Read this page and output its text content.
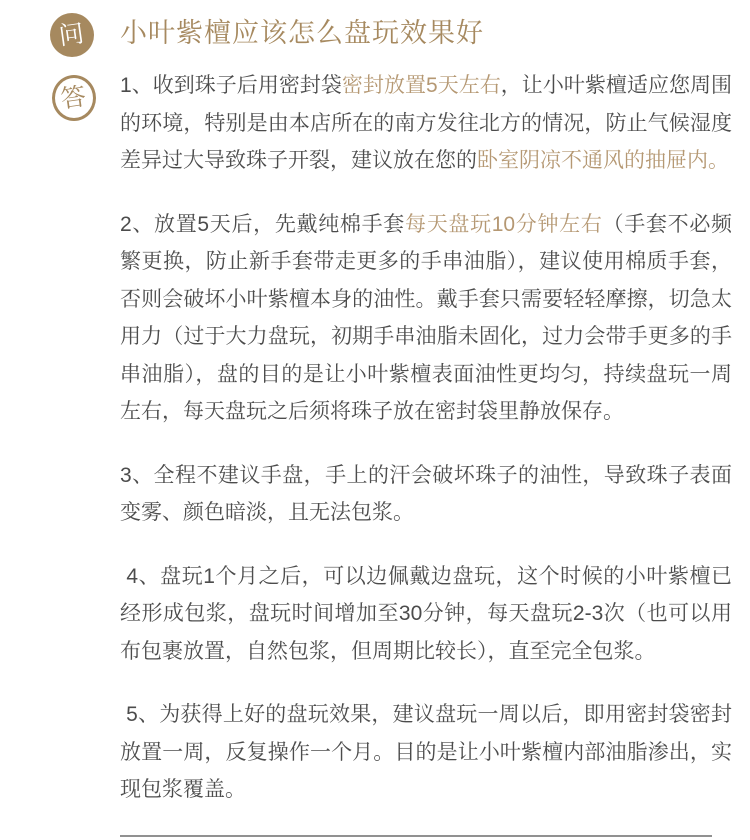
问
答
小叶紫檀应该怎么盘玩效果好

1、收到珠子后用密封袋密封放置5天左右，让小叶紫檀适应您周围的环境，特别是由本店所在的南方发往北方的情况，防止气候湿度差异过大导致珠子开裂，建议放在您的卧室阴凉不通风的抽屉内。

2、放置5天后，先戴纯棉手套每天盘玩10分钟左右（手套不必频繁更换，防止新手套带走更多的手串油脂），建议使用棉质手套，否则会破坏小叶紫檀本身的油性。戴手套只需要轻轻摩擦，切急太用力（过于大力盘玩，初期手串油脂未固化，过力会带手更多的手串油脂），盘的目的是让小叶紫檀表面油性更均匀，持续盘玩一周左右，每天盘玩之后须将珠子放在密封袋里静放保存。

3、全程不建议手盘，手上的汗会破坏珠子的油性，导致珠子表面变雾、颜色暗淡，且无法包浆。

4、盘玩1个月之后，可以边佩戴边盘玩，这个时候的小叶紫檀已经形成包浆，盘玩时间增加至30分钟，每天盘玩2-3次（也可以用布包裹放置，自然包浆，但周期比较长），直至完全包浆。

5、为获得上好的盘玩效果，建议盘玩一周以后，即用密封袋密封放置一周，反复操作一个月。目的是让小叶紫檀内部油脂渗出，实现包浆覆盖。
